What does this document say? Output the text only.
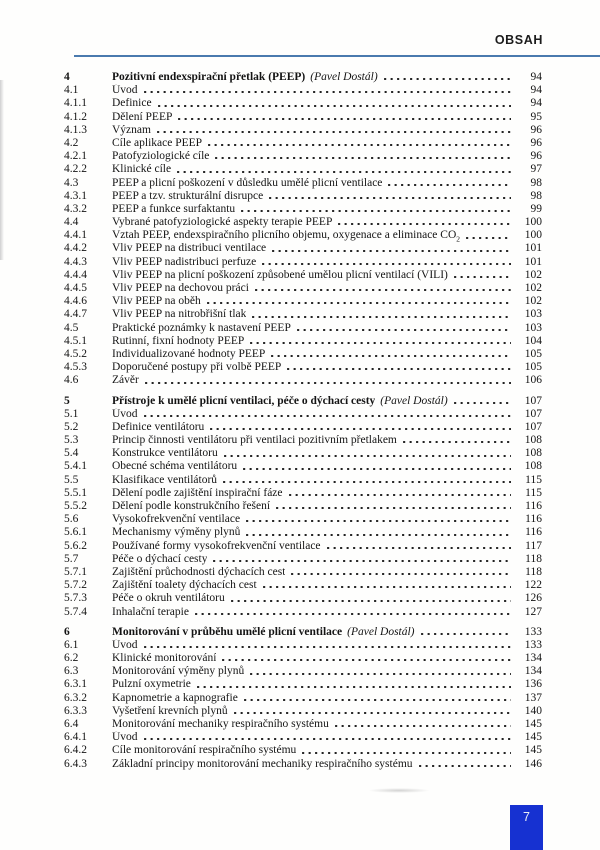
OBSAH
4	Pozitivní endexspirační přetlak (PEEP) (Pavel Dostál)	94
4.1	Úvod	94
4.1.1	Definice	94
4.1.2	Dělení PEEP	95
4.1.3	Význam	96
4.2	Cíle aplikace PEEP	96
4.2.1	Patofyziologické cíle	96
4.2.2	Klinické cíle	97
4.3	PEEP a plicní poškození v důsledku umělé plicní ventilace	98
4.3.1	PEEP a tzv. strukturální disrupce	98
4.3.2	PEEP a funkce surfaktantu	99
4.4	Vybrané patofyziologické aspekty terapie PEEP	100
4.4.1	Vztah PEEP, endexspiračního plicního objemu, oxygenace a eliminace $CO_2$	100
4.4.2	Vliv PEEP na distribuci ventilace	101
4.4.3	Vliv PEEP nadistribuci perfuze	101
4.4.4	Vliv PEEP na plicní poškození způsobené umělou plicní ventilací (VILI)	102
4.4.5	Vliv PEEP na dechovou práci	102
4.4.6	Vliv PEEP na oběh	102
4.4.7	Vliv PEEP na nitrobřišní tlak	103
4.5	Praktické poznámky k nastavení PEEP	103
4.5.1	Rutinní, fixní hodnoty PEEP	104
4.5.2	Individualizované hodnoty PEEP	105
4.5.3	Doporučené postupy při volbě PEEP	105
4.6	Závěr	106
5	Přístroje k umělé plicní ventilaci, péče o dýchací cesty (Pavel Dostál)	107
5.1	Úvod	107
5.2	Definice ventilátoru	107
5.3	Princip činnosti ventilátoru při ventilaci pozitivním přetlakem	108
5.4	Konstrukce ventilátoru	108
5.4.1	Obecné schéma ventilátoru	108
5.5	Klasifikace ventilátorů	115
5.5.1	Dělení podle zajištění inspirační fáze	115
5.5.2	Dělení podle konstrukčního řešení	116
5.6	Vysokofrekvenční ventilace	116
5.6.1	Mechanismy výměny plynů	116
5.6.2	Používané formy vysokofrekvenční ventilace	117
5.7	Péče o dýchací cesty	118
5.7.1	Zajištění průchodnosti dýchacích cest	118
5.7.2	Zajištění toalety dýchacích cest	122
5.7.3	Péče o okruh ventilátoru	126
5.7.4	Inhalační terapie	127
6	Monitorování v průběhu umělé plicní ventilace (Pavel Dostál)	133
6.1	Úvod	133
6.2	Klinické monitorování	134
6.3	Monitorování výměny plynů	134
6.3.1	Pulzní oxymetrie	136
6.3.2	Kapnometrie a kapnografie	137
6.3.3	Vyšetření krevních plynů	140
6.4	Monitorování mechaniky respiračního systému	145
6.4.1	Úvod	145
6.4.2	Cíle monitorování respiračního systému	145
6.4.3	Základní principy monitorování mechaniky respiračního systému	146
7
